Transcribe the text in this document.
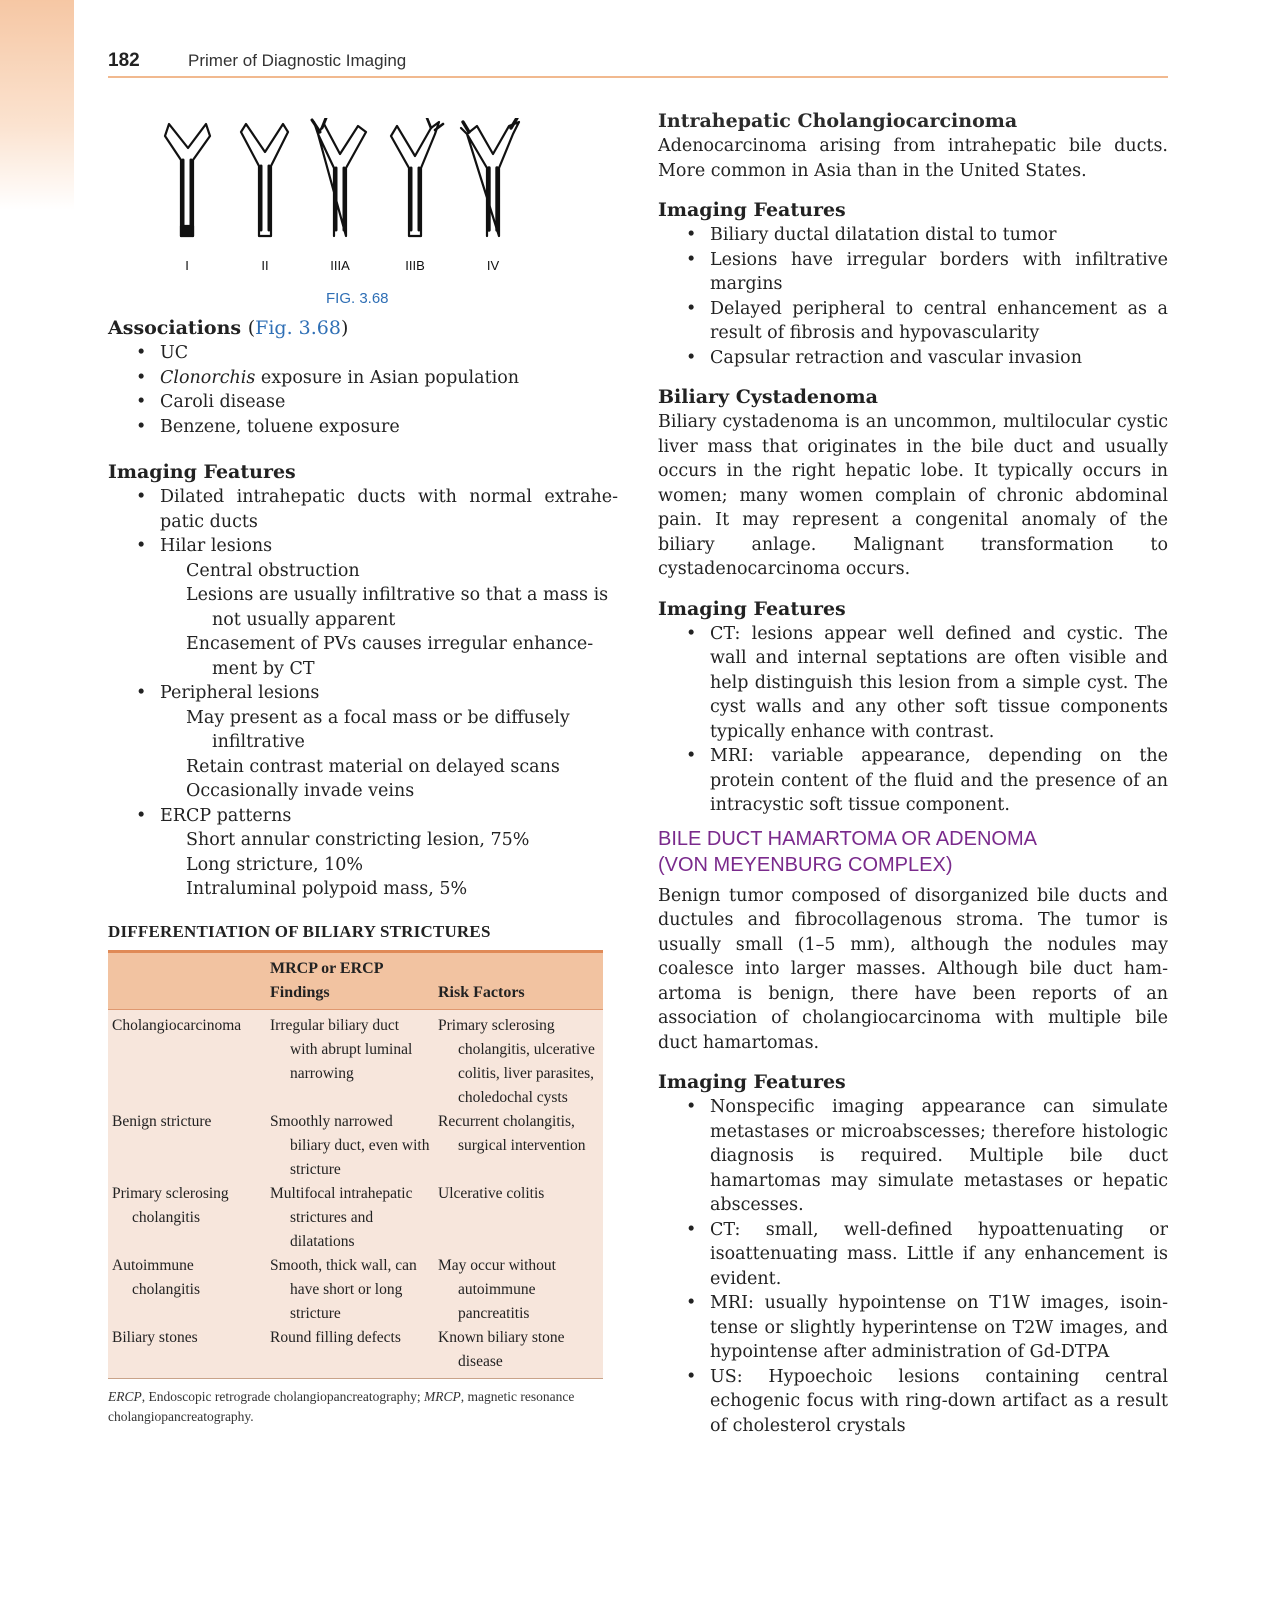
182	Primer of Diagnostic Imaging
I	II	IIIA	IIIB	IV
FIG. 3.68
Associations (Fig. 3.68)
• UC
• Clonorchis exposure in Asian population
• Caroli disease
• Benzene, toluene exposure
Imaging Features
• Dilated intrahepatic ducts with normal extrahepatic ducts
• Hilar lesions
Central obstruction
Lesions are usually infiltrative so that a mass is not usually apparent
Encasement of PVs causes irregular enhancement by CT
• Peripheral lesions
May present as a focal mass or be diffusely infiltrative
Retain contrast material on delayed scans
Occasionally invade veins
• ERCP patterns
Short annular constricting lesion, 75%
Long stricture, 10%
Intraluminal polypoid mass, 5%
DIFFERENTIATION OF BILIARY STRICTURES
	MRCP or ERCP Findings	Risk Factors

Cholangiocarcinoma	Irregular biliary duct with abrupt luminal narrowing	Primary sclerosing cholangitis, ulcerative colitis, liver parasites, choledochal cysts

Benign stricture	Smoothly narrowed biliary duct, even with stricture	Recurrent cholangitis, surgical intervention

Primary sclerosing cholangitis	Multifocal intrahepatic strictures and dilatations	Ulcerative colitis

Autoimmune cholangitis	Smooth, thick wall, can have short or long stricture	May occur without autoimmune pancreatitis

Biliary stones	Round filling defects	Known biliary stone disease
ERCP, Endoscopic retrograde cholangiopancreatography; MRCP, magnetic resonance cholangiopancreatography.
Intrahepatic Cholangiocarcinoma

Adenocarcinoma arising from intrahepatic bile ducts. More common in Asia than in the United States.

Imaging Features
• Biliary ductal dilatation distal to tumor
• Lesions have irregular borders with infiltrative margins
• Delayed peripheral to central enhancement as a result of fibrosis and hypovascularity
• Capsular retraction and vascular invasion
Biliary Cystadenoma

Biliary cystadenoma is an uncommon, multilocular cystic liver mass that originates in the bile duct and usually occurs in the right hepatic lobe. It typically occurs in women; many women complain of chronic abdominal pain. It may represent a congenital anomaly of the biliary anlage. Malignant transformation to cystadenocarcinoma occurs.

Imaging Features
• CT: lesions appear well defined and cystic. The wall and internal septations are often visible and help distinguish this lesion from a simple cyst. The cyst walls and any other soft tissue components typically enhance with contrast.
• MRI: variable appearance, depending on the protein content of the fluid and the presence of an intracystic soft tissue component.
BILE DUCT HAMARTOMA OR ADENOMA
(VON MEYENBURG COMPLEX)

Benign tumor composed of disorganized bile ducts and ductules and fibrocollagenous stroma. The tumor is usually small (1–5 mm), although the nodules may coalesce into larger masses. Although bile duct hamartoma is benign, there have been reports of an association of cholangiocarcinoma with multiple bile duct hamartomas.

Imaging Features
• Nonspecific imaging appearance can simulate metastases or microabscesses; therefore histologic diagnosis is required. Multiple bile duct hamartomas may simulate metastases or hepatic abscesses.
• CT: small, well-defined hypoattenuating or isoattenuating mass. Little if any enhancement is evident.
• MRI: usually hypointense on T1W images, isointense or slightly hyperintense on T2W images, and hypointense after administration of Gd-DTPA
• US: Hypoechoic lesions containing central echogenic focus with ring-down artifact as a result of cholesterol crystals
